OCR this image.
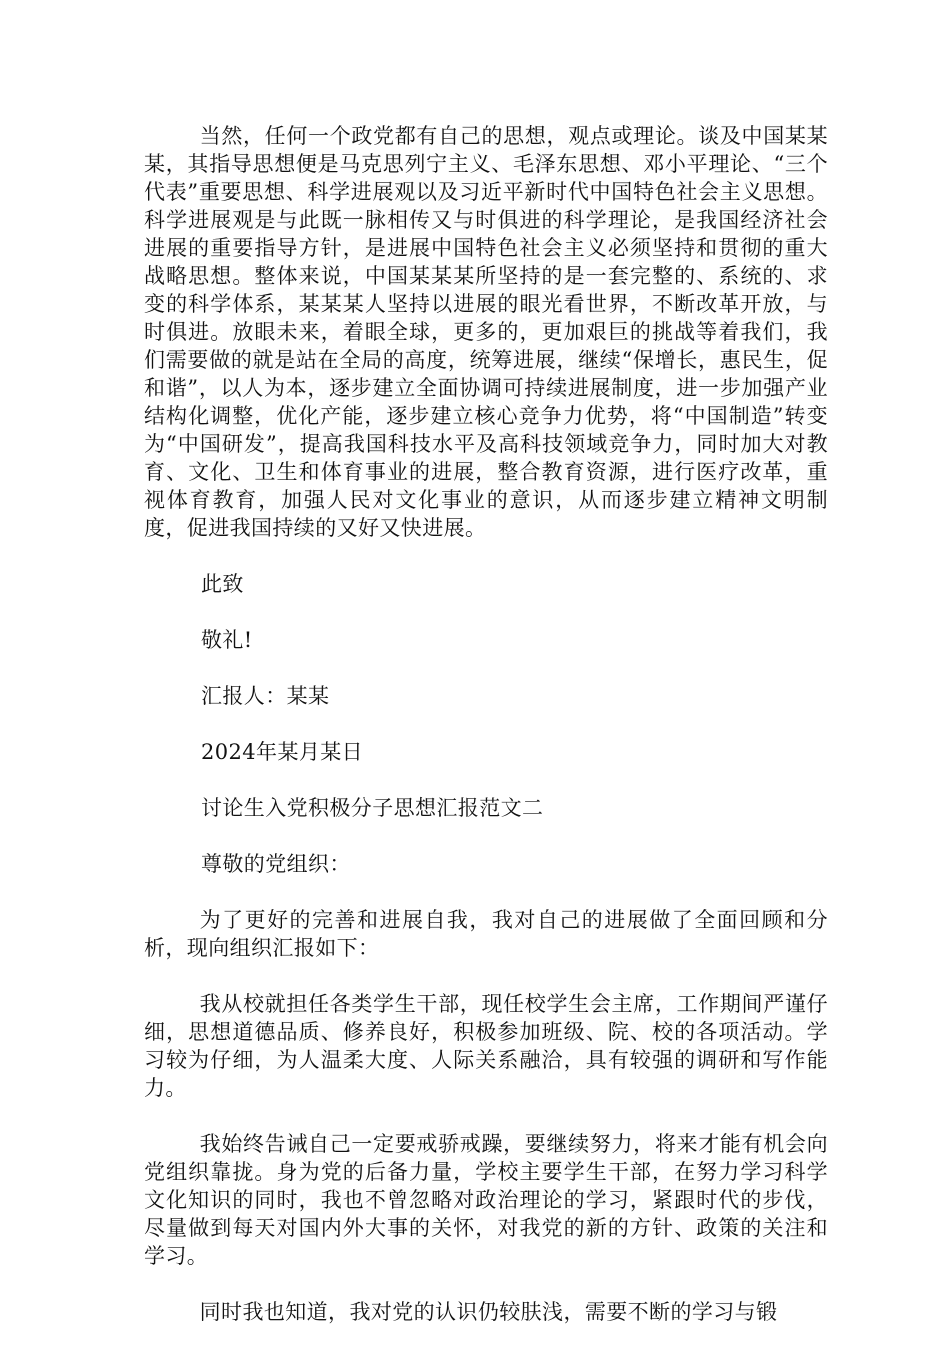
当然，任何一个政党都有自己的思想，观点或理论。谈及中国某某某，其指导思想便是马克思列宁主义、毛泽东思想、邓小平理论、“三个代表”重要思想、科学进展观以及习近平新时代中国特色社会主义思想。科学进展观是与此既一脉相传又与时俱进的科学理论，是我国经济社会进展的重要指导方针，是进展中国特色社会主义必须坚持和贯彻的重大战略思想。整体来说，中国某某某所坚持的是一套完整的、系统的、求变的科学体系，某某某人坚持以进展的眼光看世界，不断改革开放，与时俱进。放眼未来，着眼全球，更多的，更加艰巨的挑战等着我们，我们需要做的就是站在全局的高度，统筹进展，继续“保增长，惠民生，促和谐”，以人为本，逐步建立全面协调可持续进展制度，进一步加强产业结构化调整，优化产能，逐步建立核心竞争力优势，将“中国制造”转变为“中国研发”，提高我国科技水平及高科技领域竞争力，同时加大对教育、文化、卫生和体育事业的进展，整合教育资源，进行医疗改革，重视体育教育，加强人民对文化事业的意识，从而逐步建立精神文明制度，促进我国持续的又好又快进展。

此致

敬礼!

汇报人：某某

2024年某月某日

讨论生入党积极分子思想汇报范文二

尊敬的党组织：

为了更好的完善和进展自我，我对自己的进展做了全面回顾和分析，现向组织汇报如下：

我从校就担任各类学生干部，现任校学生会主席，工作期间严谨仔细，思想道德品质、修养良好，积极参加班级、院、校的各项活动。学习较为仔细，为人温柔大度、人际关系融洽，具有较强的调研和写作能力。

我始终告诫自己一定要戒骄戒躁，要继续努力，将来才能有机会向党组织靠拢。身为党的后备力量，学校主要学生干部，在努力学习科学文化知识的同时，我也不曾忽略对政治理论的学习，紧跟时代的步伐，尽量做到每天对国内外大事的关怀，对我党的新的方针、政策的关注和学习。

同时我也知道，我对党的认识仍较肤浅，需要不断的学习与锻
